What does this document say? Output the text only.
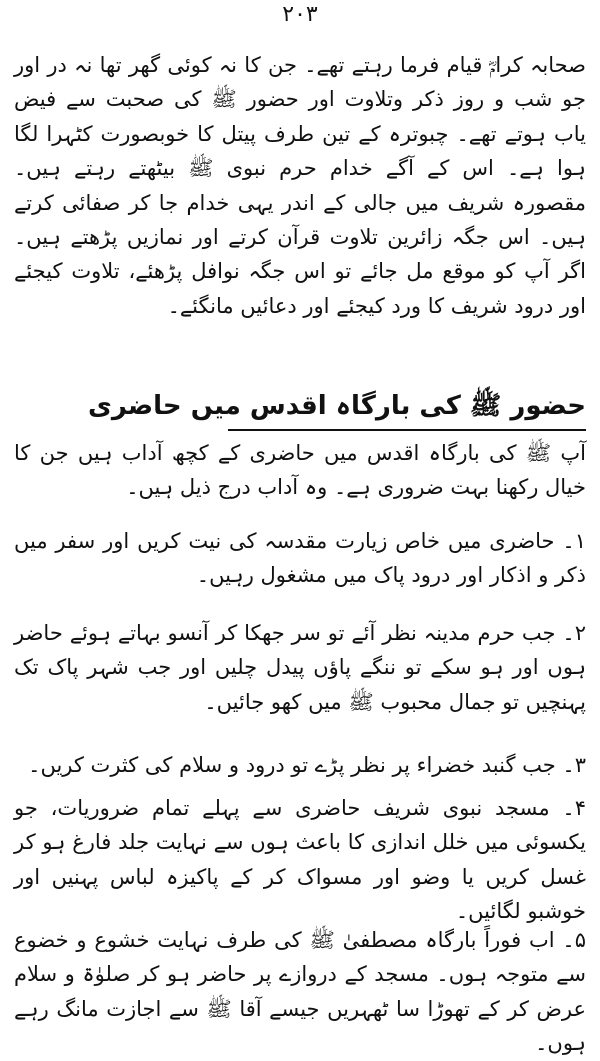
۲۰۳
صحابہ کرامؓ قیام فرما رہتے تھے۔ جن کا نہ کوئی گھر تھا نہ در اور جو شب و روز ذکر وتلاوت اور حضور ﷺ کی صحبت سے فیض یاب ہوتے تھے۔ چبوترہ کے تین طرف پیتل کا خوبصورت کٹہرا لگا ہوا ہے۔ اس کے آگے خدام حرم نبوی ﷺ بیٹھتے رہتے ہیں۔ مقصورہ شریف میں جالی کے اندر یہی خدام جا کر صفائی کرتے ہیں۔ اس جگہ زائرین تلاوت قرآن کرتے اور نمازیں پڑھتے ہیں۔ اگر آپ کو موقع مل جائے تو اس جگہ نوافل پڑھئے، تلاوت کیجئے اور درود شریف کا ورد کیجئے اور دعائیں مانگئے۔
حضور ﷺ کی بارگاہ اقدس میں حاضری
آپ ﷺ کی بارگاہ اقدس میں حاضری کے کچھ آداب ہیں جن کا خیال رکھنا بہت ضروری ہے۔ وہ آداب درج ذیل ہیں۔
۱۔ حاضری میں خاص زیارت مقدسہ کی نیت کریں اور سفر میں ذکر و اذکار اور درود پاک میں مشغول رہیں۔
۲۔ جب حرم مدینہ نظر آئے تو سر جھکا کر آنسو بہاتے ہوئے حاضر ہوں اور ہو سکے تو ننگے پاؤں پیدل چلیں اور جب شہر پاک تک پہنچیں تو جمال محبوب ﷺ میں کھو جائیں۔
۳۔ جب گنبد خضراء پر نظر پڑے تو درود و سلام کی کثرت کریں۔
۴۔ مسجد نبوی شریف حاضری سے پہلے تمام ضروریات، جو یکسوئی میں خلل اندازی کا باعث ہوں سے نہایت جلد فارغ ہو کر غسل کریں یا وضو اور مسواک کر کے پاکیزہ لباس پہنیں اور خوشبو لگائیں۔
۵۔ اب فوراً بارگاہ مصطفیٰ ﷺ کی طرف نہایت خشوع و خضوع سے متوجہ ہوں۔ مسجد کے دروازے پر حاضر ہو کر صلوٰۃ و سلام عرض کر کے تھوڑا سا ٹھہریں جیسے آقا ﷺ سے اجازت مانگ رہے ہوں۔
